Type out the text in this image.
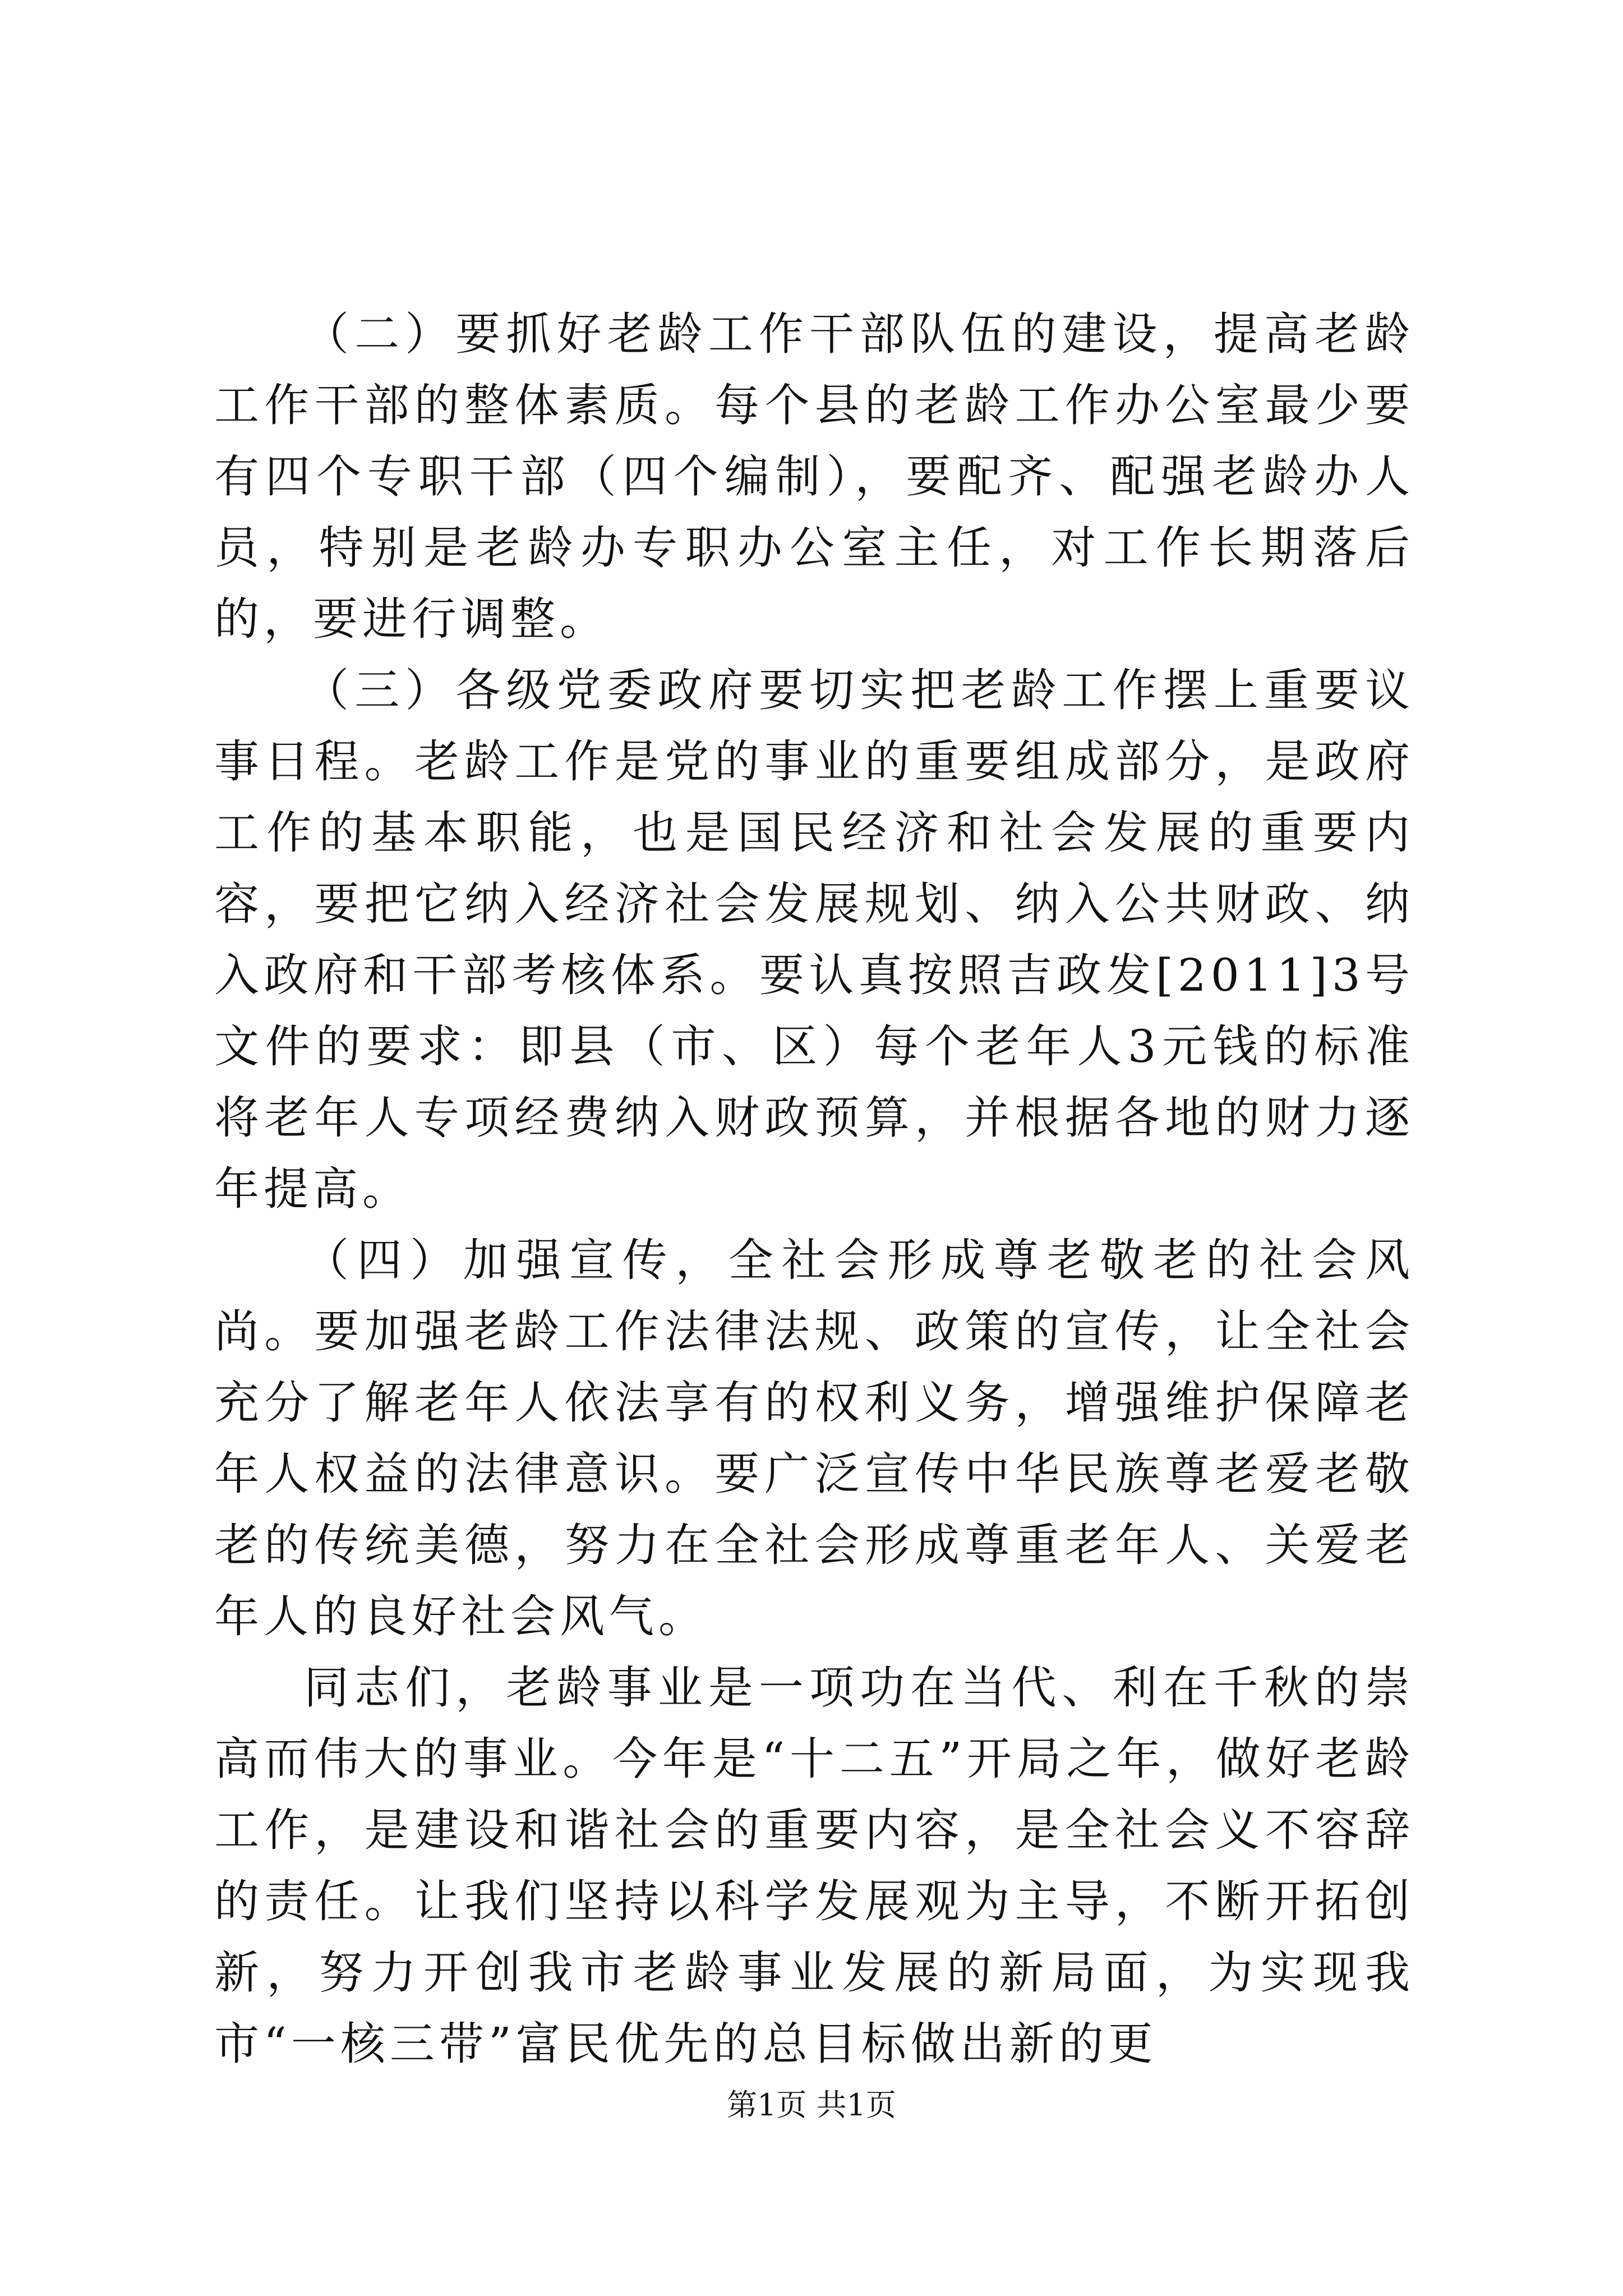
（二）要抓好老龄工作干部队伍的建设，提高老龄工作干部的整体素质。每个县的老龄工作办公室最少要有四个专职干部（四个编制），要配齐、配强老龄办人员，特别是老龄办专职办公室主任，对工作长期落后的，要进行调整。

（三）各级党委政府要切实把老龄工作摆上重要议事日程。老龄工作是党的事业的重要组成部分，是政府工作的基本职能，也是国民经济和社会发展的重要内容，要把它纳入经济社会发展规划、纳入公共财政、纳入政府和干部考核体系。要认真按照吉政发[2011]3号文件的要求：即县（市、区）每个老年人3元钱的标准将老年人专项经费纳入财政预算，并根据各地的财力逐年提高。

（四）加强宣传，全社会形成尊老敬老的社会风尚。要加强老龄工作法律法规、政策的宣传，让全社会充分了解老年人依法享有的权利义务，增强维护保障老年人权益的法律意识。要广泛宣传中华民族尊老爱老敬老的传统美德，努力在全社会形成尊重老年人、关爱老年人的良好社会风气。

同志们，老龄事业是一项功在当代、利在千秋的崇高而伟大的事业。今年是“十二五”开局之年，做好老龄工作，是建设和谐社会的重要内容，是全社会义不容辞的责任。让我们坚持以科学发展观为主导，不断开拓创新，努力开创我市老龄事业发展的新局面，为实现我市“一核三带”富民优先的总目标做出新的更

第1页 共1页
